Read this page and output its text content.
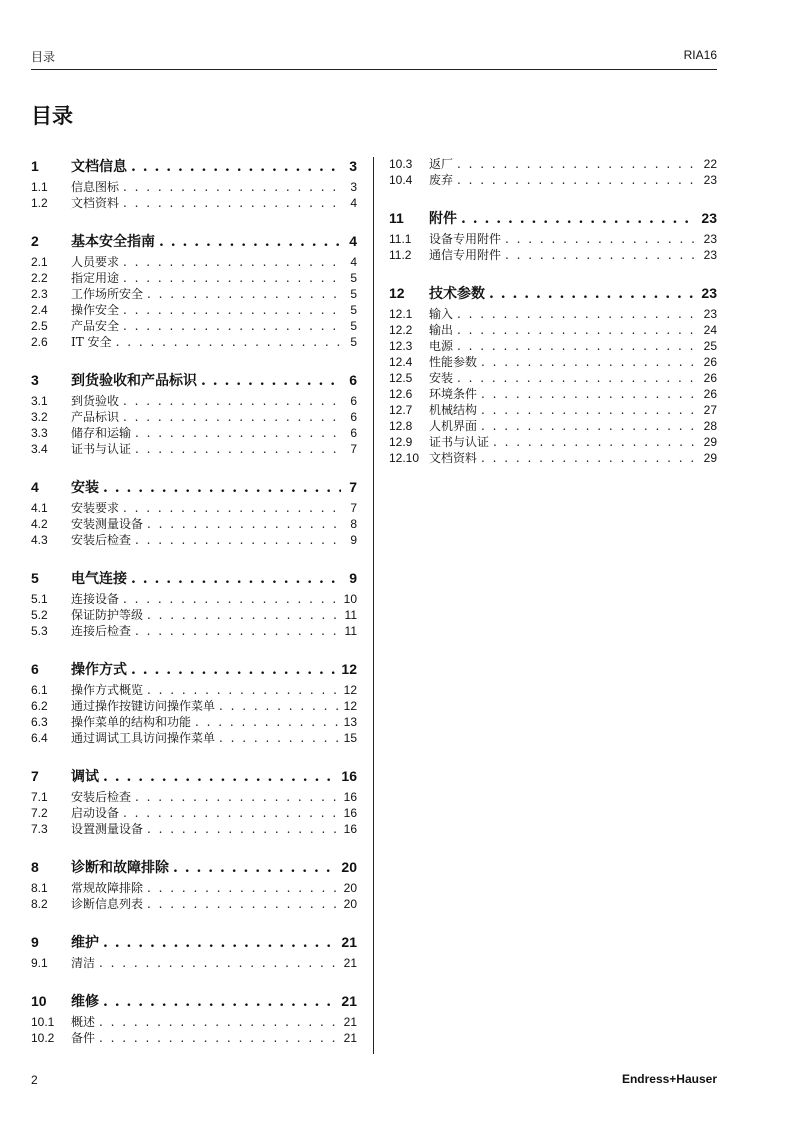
目录	RIA16
目录
1	文档信息 . . .	3
1.1	信息图标 . . .	3
1.2	文档资料 . . .	4
2	基本安全指南 . . .	4
2.1	人员要求 . . .	4
2.2	指定用途 . . .	5
2.3	工作场所安全 . . .	5
2.4	操作安全 . . .	5
2.5	产品安全 . . .	5
2.6	IT 安全 . . .	5
3	到货验收和产品标识 . . .	6
3.1	到货验收 . . .	6
3.2	产品标识 . . .	6
3.3	储存和运输 . . .	6
3.4	证书与认证 . . .	7
4	安装 . . .	7
4.1	安装要求 . . .	7
4.2	安装测量设备 . . .	8
4.3	安装后检查 . . .	9
5	电气连接 . . .	9
5.1	连接设备 . . .	10
5.2	保证防护等级 . . .	11
5.3	连接后检查 . . .	11
6	操作方式 . . .	12
6.1	操作方式概览 . . .	12
6.2	通过操作按键访问操作菜单 . . .	12
6.3	操作菜单的结构和功能 . . .	13
6.4	通过调试工具访问操作菜单 . . .	15
7	调试 . . .	16
7.1	安装后检查 . . .	16
7.2	启动设备 . . .	16
7.3	设置测量设备 . . .	16
8	诊断和故障排除 . . .	20
8.1	常规故障排除 . . .	20
8.2	诊断信息列表 . . .	20
9	维护 . . .	21
9.1	清洁 . . .	21
10	维修 . . .	21
10.1	概述 . . .	21
10.2	备件 . . .	21
10.3	返厂 . . .	22
10.4	废弃 . . .	23
11	附件 . . .	23
11.1	设备专用附件 . . .	23
11.2	通信专用附件 . . .	23
12	技术参数 . . .	23
12.1	输入 . . .	23
12.2	输出 . . .	24
12.3	电源 . . .	25
12.4	性能参数 . . .	26
12.5	安装 . . .	26
12.6	环境条件 . . .	26
12.7	机械结构 . . .	27
12.8	人机界面 . . .	28
12.9	证书与认证 . . .	29
12.10 文档资料 . . .	29
2	Endress+Hauser
